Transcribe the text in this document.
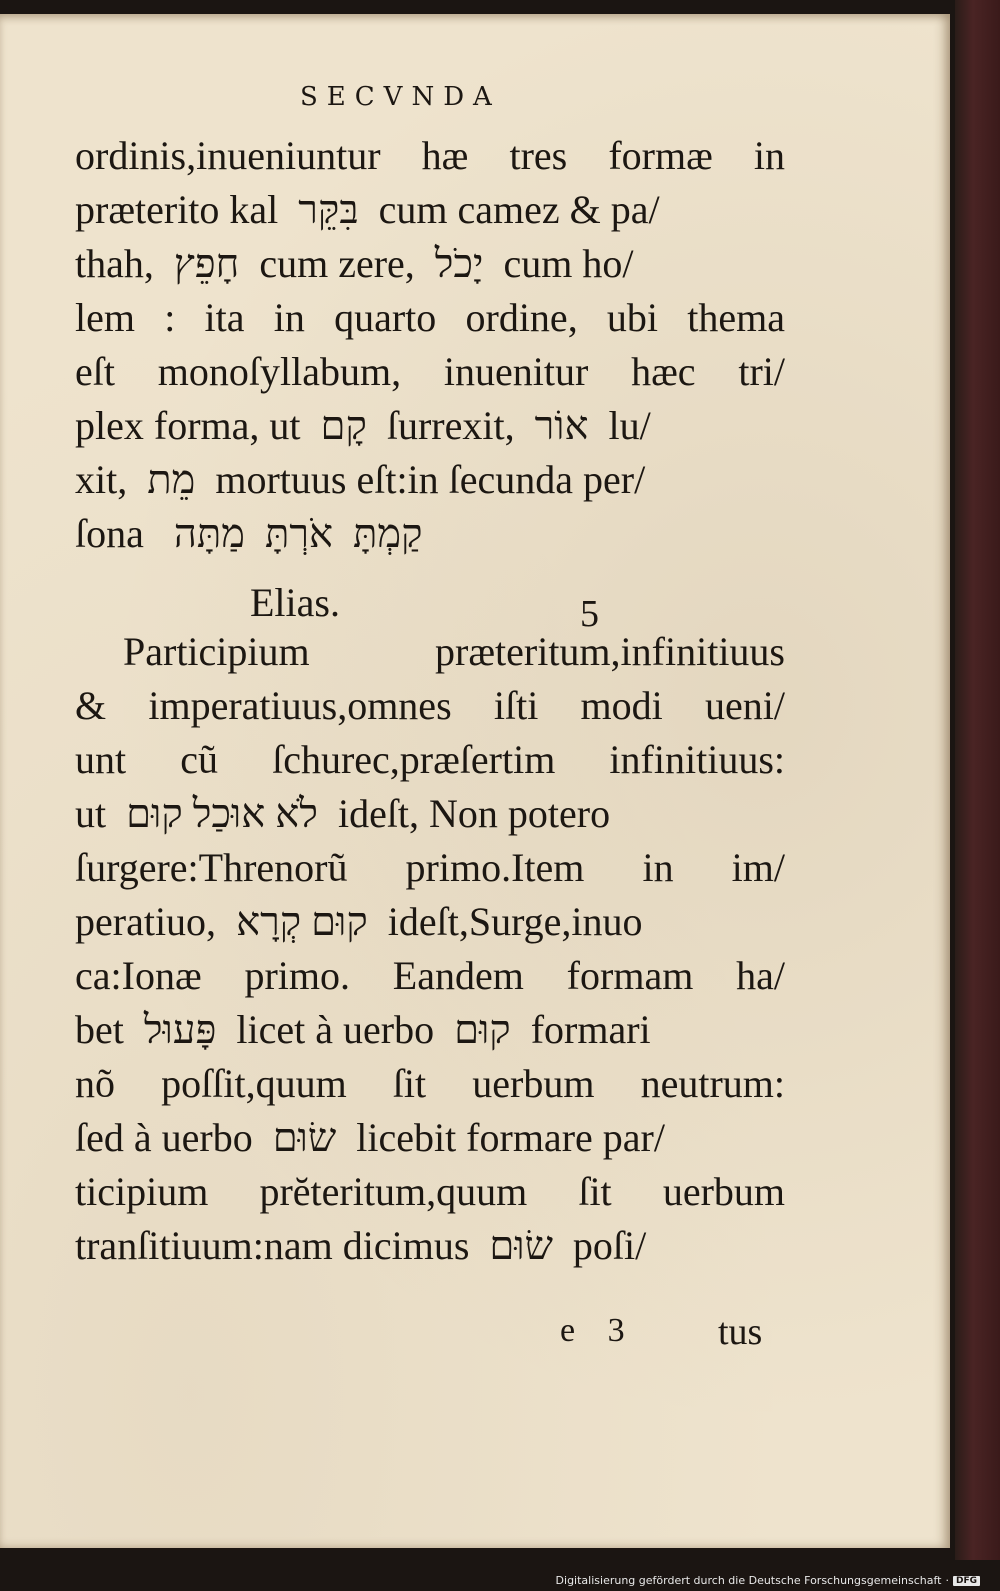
SECVNDA
ordinis,inueniuntur hæ tres formæ in
præterito kal  בִּקֵּר  cum camez & pa/
thah,  חָפֵץ  cum zere,  יָכֹל  cum ho/
lem : ita in quarto ordine, ubi thema
eſt monoſyllabum, inuenitur hæc tri/
plex forma, ut  קָם  ſurrexit,  אוֹר  lu/
xit,  מֵת  mortuus eſt:in ſecunda per/
ſona   קַמְתָּ  אֹרְתָּ  מַתָּה
Elias.	5
Participium præteritum,infinitiuus
& imperatiuus,omnes iſti modi ueni/
unt cũ ſchurec,præſertim infinitiuus:
ut  לֹא אוּכַל קוּם  ideſt, Non potero
ſurgere:Threnorũ primo.Item in im/
peratiuo,  קוּם קְרָא  ideſt,Surge,inuo
ca:Ionæ primo. Eandem formam ha/
bet  פָּעוּל  licet à uerbo  קוּם  formari
nõ poſſit,quum ſit uerbum neutrum:
ſed à uerbo  שׂוּם  licebit formare par/
ticipium prĕteritum,quum ſit uerbum
tranſitiuum:nam dicimus  שׂוּם  poſi/
e 3 tus
Digitalisierung gefördert durch die Deutsche Forschungsgemeinschaft · DFG
